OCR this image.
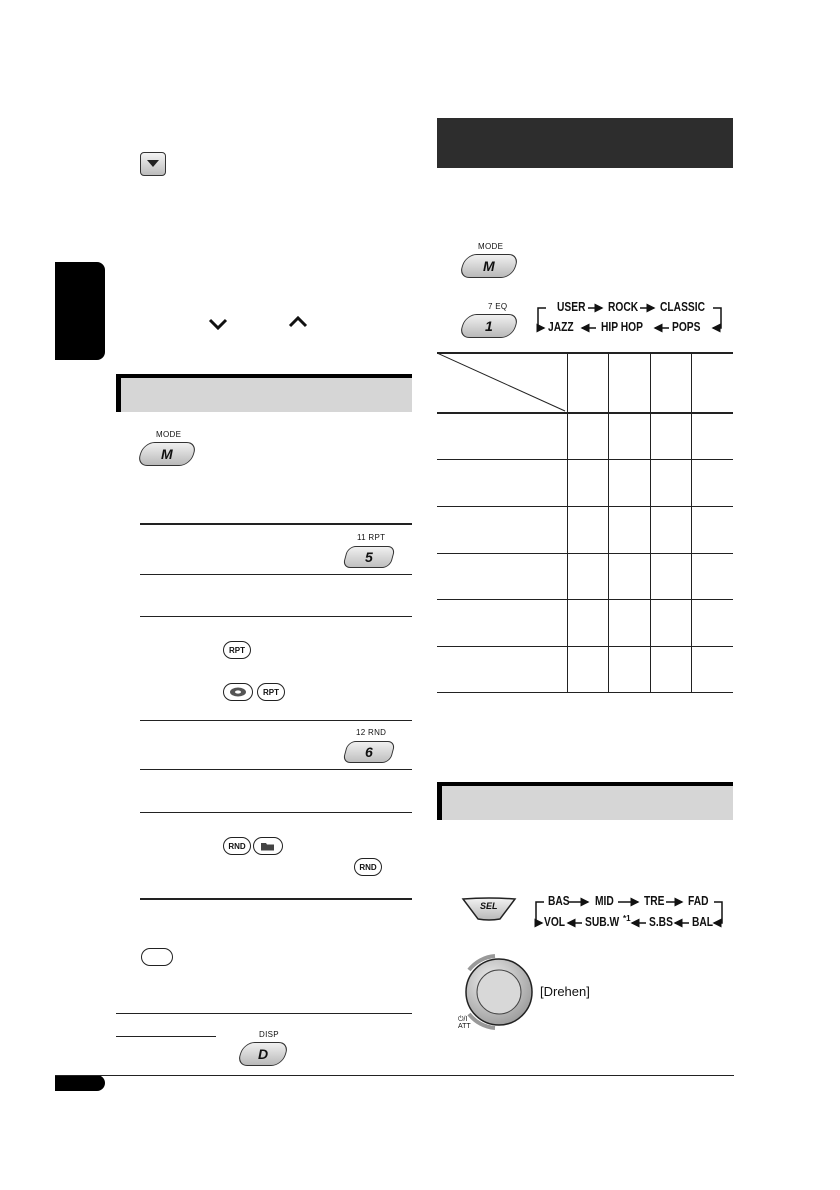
MODE
M
11 RPT
5
RPT
RPT
12 RND
6
RND
RND
DISP
D
MODE
M
7 EQ
1
USER ROCK CLASSIC
JAZZ HIP HOP POPS
SEL	BAS MID TRE FAD
VOL SUB.W *1 S.BS BAL
[Drehen]
⏻/I
ATT
